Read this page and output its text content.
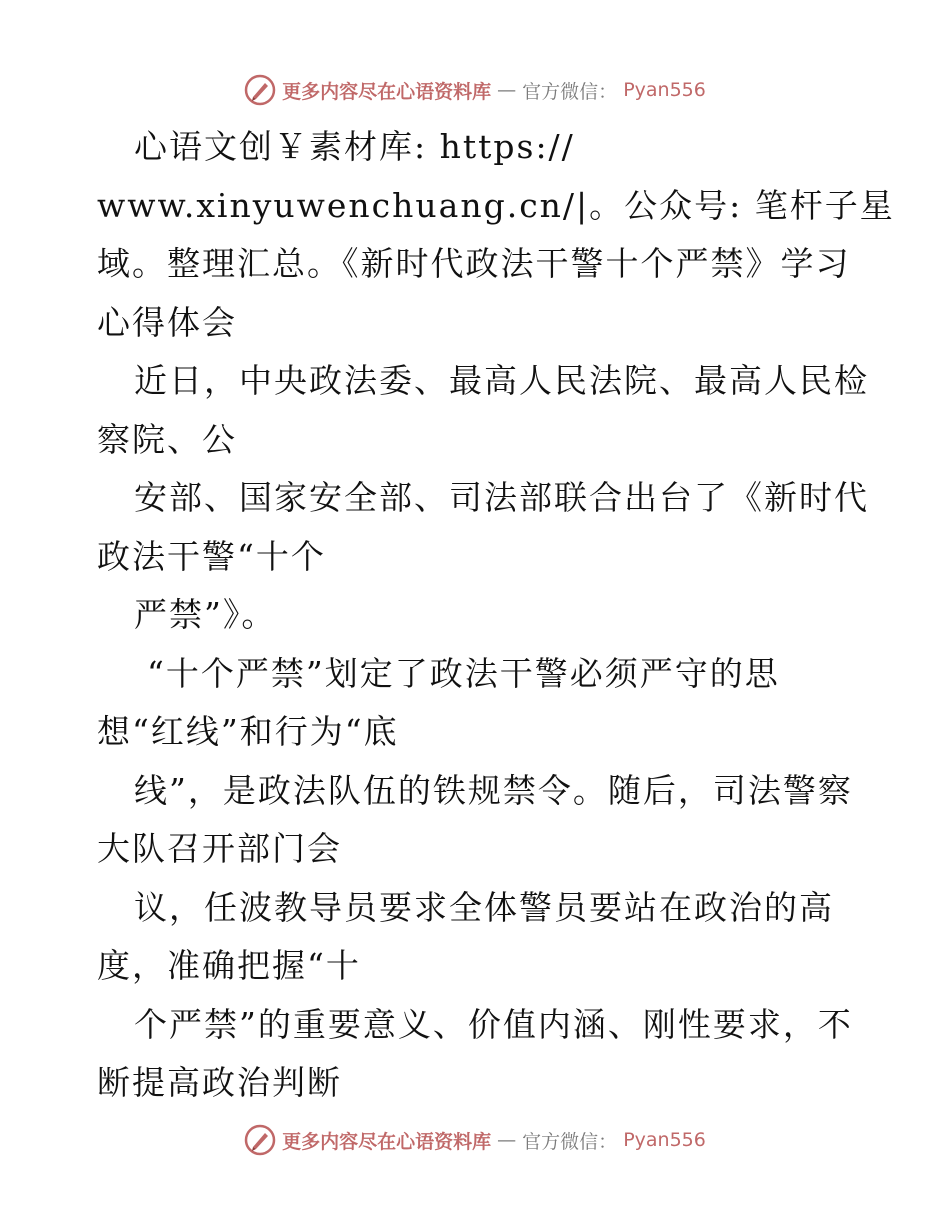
更多内容尽在心语资料库 — 官方微信： Pyan556
心语文创￥素材库: https://
www.xinyuwenchuang.cn/|。公众号: 笔杆子星
域。整理汇总。《新时代政法干警十个严禁》学习
心得体会
近日，中央政法委、最高人民法院、最高人民检
察院、公
安部、国家安全部、司法部联合出台了《新时代
政法干警“十个
严禁”》。
“十个严禁”划定了政法干警必须严守的思
想“红线”和行为“底
线”，是政法队伍的铁规禁令。随后，司法警察
大队召开部门会
议，任波教导员要求全体警员要站在政治的高
度，准确把握“十
个严禁”的重要意义、价值内涵、刚性要求，不
断提高政治判断
更多内容尽在心语资料库 — 官方微信： Pyan556
